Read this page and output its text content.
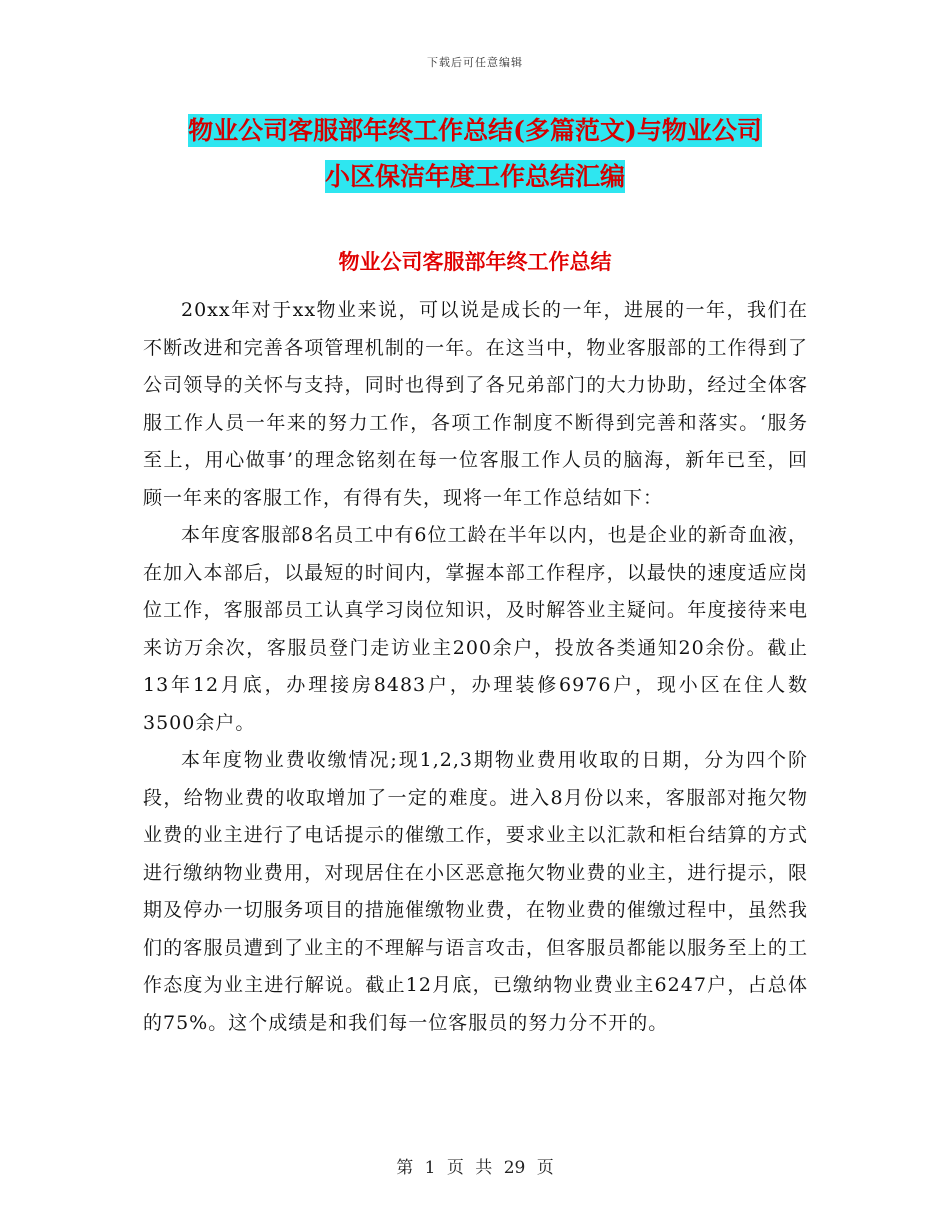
下载后可任意编辑
物业公司客服部年终工作总结(多篇范文)与物业公司
小区保洁年度工作总结汇编
物业公司客服部年终工作总结

20xx年对于xx物业来说，可以说是成长的一年，进展的一年，我们在不断改进和完善各项管理机制的一年。在这当中，物业客服部的工作得到了公司领导的关怀与支持，同时也得到了各兄弟部门的大力协助，经过全体客服工作人员一年来的努力工作，各项工作制度不断得到完善和落实。‘服务至上，用心做事’的理念铭刻在每一位客服工作人员的脑海，新年已至，回顾一年来的客服工作，有得有失，现将一年工作总结如下：

本年度客服部8名员工中有6位工龄在半年以内，也是企业的新奇血液，在加入本部后，以最短的时间内，掌握本部工作程序，以最快的速度适应岗位工作，客服部员工认真学习岗位知识，及时解答业主疑问。年度接待来电来访万余次，客服员登门走访业主200余户，投放各类通知20余份。截止13年12月底，办理接房8483户，办理装修6976户，现小区在住人数3500余户。

本年度物业费收缴情况;现1,2,3期物业费用收取的日期，分为四个阶段，给物业费的收取增加了一定的难度。进入8月份以来，客服部对拖欠物业费的业主进行了电话提示的催缴工作，要求业主以汇款和柜台结算的方式进行缴纳物业费用，对现居住在小区恶意拖欠物业费的业主，进行提示，限期及停办一切服务项目的措施催缴物业费，在物业费的催缴过程中，虽然我们的客服员遭到了业主的不理解与语言攻击，但客服员都能以服务至上的工作态度为业主进行解说。截止12月底，已缴纳物业费业主6247户，占总体的75%。这个成绩是和我们每一位客服员的努力分不开的。

第 1 页 共 29 页
